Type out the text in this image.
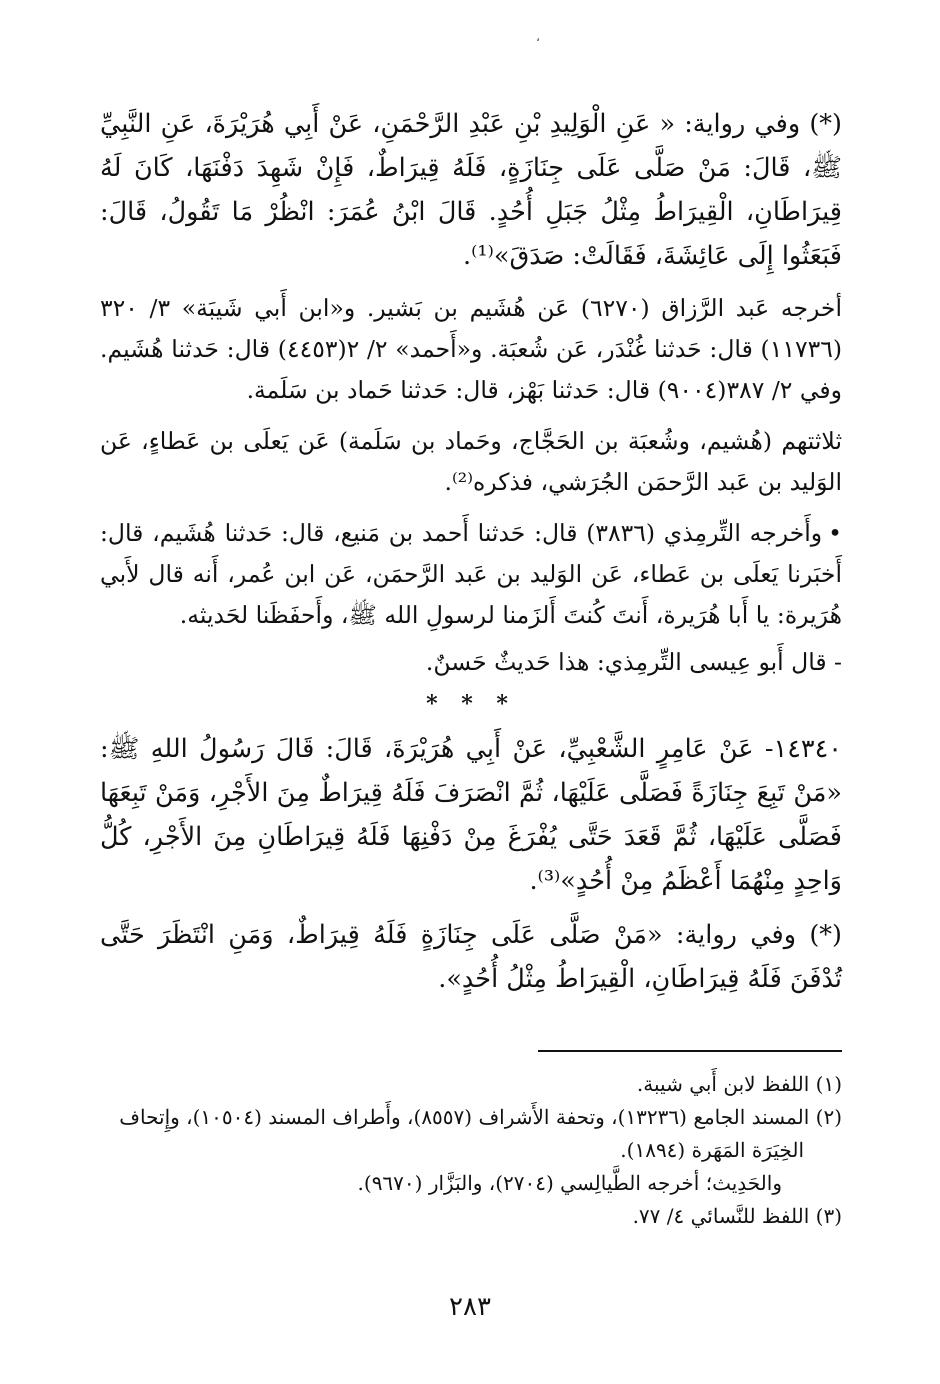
،

(*) وفي رواية: « عَنِ الْوَلِيدِ بْنِ عَبْدِ الرَّحْمَنِ، عَنْ أَبِي هُرَيْرَةَ، عَنِ النَّبِيِّ ﷺ، قَالَ: مَنْ صَلَّى عَلَى جِنَازَةٍ، فَلَهُ قِيرَاطٌ، فَإِنْ شَهِدَ دَفْنَهَا، كَانَ لَهُ قِيرَاطَانِ، الْقِيرَاطُ مِثْلُ جَبَلِ أُحُدٍ. قَالَ ابْنُ عُمَرَ: انْظُرْ مَا تَقُولُ، قَالَ: فَبَعَثُوا إِلَى عَائِشَةَ، فَقَالَتْ: صَدَقَ»⁽¹⁾.

أخرجه عَبد الرَّزاق (٦٢٧٠) عَن هُشَيم بن بَشير. و«ابن أَبي شَيبَة» ٣/ ٣٢٠ (١١٧٣٦) قال: حَدثنا غُنْدَر، عَن شُعبَة. و«أَحمد» ٢/ ٢(٤٤٥٣) قال: حَدثنا هُشَيم. وفي ٢/ ٣٨٧(٩٠٠٤) قال: حَدثنا بَهْز، قال: حَدثنا حَماد بن سَلَمة.

ثلاثتهم (هُشيم، وشُعبَة بن الحَجَّاج، وحَماد بن سَلَمة) عَن يَعلَى بن عَطاءٍ، عَن الوَليد بن عَبد الرَّحمَن الجُرَشي، فذكره⁽²⁾.

•وأَخرجه التِّرمِذي (٣٨٣٦) قال: حَدثنا أَحمد بن مَنيع، قال: حَدثنا هُشَيم، قال: أَخبَرنا يَعلَى بن عَطاء، عَن الوَليد بن عَبد الرَّحمَن، عَن ابن عُمر، أَنه قال لأَبي هُرَيرة: يا أَبا هُرَيرة، أَنتَ كُنتَ أَلزَمنا لرسولِ الله ﷺ، وأَحفَظَنا لحَديثه.

- قال أَبو عِيسى التِّرمِذي: هذا حَديثٌ حَسنٌ.

* * *

١٤٣٤٠- عَنْ عَامِرٍ الشَّعْبِيِّ، عَنْ أَبِي هُرَيْرَةَ، قَالَ: قَالَ رَسُولُ اللهِ ﷺ: «مَنْ تَبِعَ جِنَازَةً فَصَلَّى عَلَيْهَا، ثُمَّ انْصَرَفَ فَلَهُ قِيرَاطٌ مِنَ الأَجْرِ، وَمَنْ تَبِعَهَا فَصَلَّى عَلَيْهَا، ثُمَّ قَعَدَ حَتَّى يُفْرَغَ مِنْ دَفْنِهَا فَلَهُ قِيرَاطَانِ مِنَ الأَجْرِ، كُلُّ وَاحِدٍ مِنْهُمَا أَعْظَمُ مِنْ أُحُدٍ»⁽³⁾.

(*) وفي رواية: «مَنْ صَلَّى عَلَى جِنَازَةٍ فَلَهُ قِيرَاطٌ، وَمَنِ انْتَظَرَ حَتَّى تُدْفَنَ فَلَهُ قِيرَاطَانِ، الْقِيرَاطُ مِثْلُ أُحُدٍ».

(١) اللفظ لابن أَبي شيبة.

(٢) المسند الجامع (١٣٢٣٦)، وتحفة الأَشراف (٨٥٥٧)، وأَطراف المسند (١٠٥٠٤)، وإِتحاف

الخِيَرَة المَهَرة (١٨٩٤).

والحَدِيث؛ أخرجه الطَّيالِسي (٢٧٠٤)، والبَزَّار (٩٦٧٠).

(٣) اللفظ للنَّسائي ٤/ ٧٧.

٢٨٣
